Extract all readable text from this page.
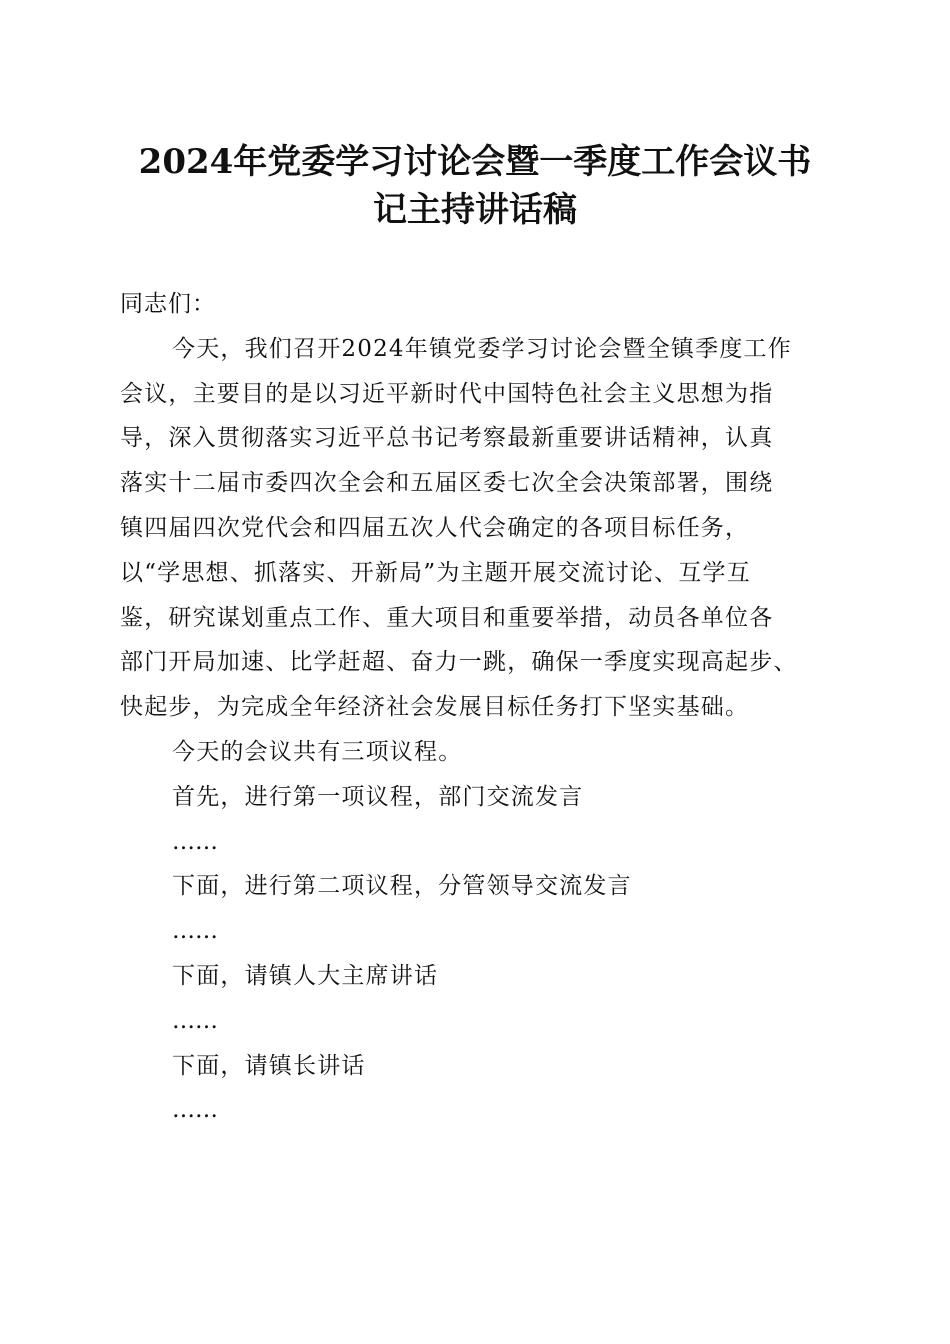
2024年党委学习讨论会暨一季度工作会议书
记主持讲话稿

同志们：

今天，我们召开2024年镇党委学习讨论会暨全镇季度工作

会议，主要目的是以习近平新时代中国特色社会主义思想为指

导，深入贯彻落实习近平总书记考察最新重要讲话精神，认真

落实十二届市委四次全会和五届区委七次全会决策部署，围绕

镇四届四次党代会和四届五次人代会确定的各项目标任务，

以“学思想、抓落实、开新局”为主题开展交流讨论、互学互

鉴，研究谋划重点工作、重大项目和重要举措，动员各单位各

部门开局加速、比学赶超、奋力一跳，确保一季度实现高起步、

快起步，为完成全年经济社会发展目标任务打下坚实基础。

今天的会议共有三项议程。

首先，进行第一项议程，部门交流发言

……

下面，进行第二项议程，分管领导交流发言

……

下面，请镇人大主席讲话

……

下面，请镇长讲话

……
